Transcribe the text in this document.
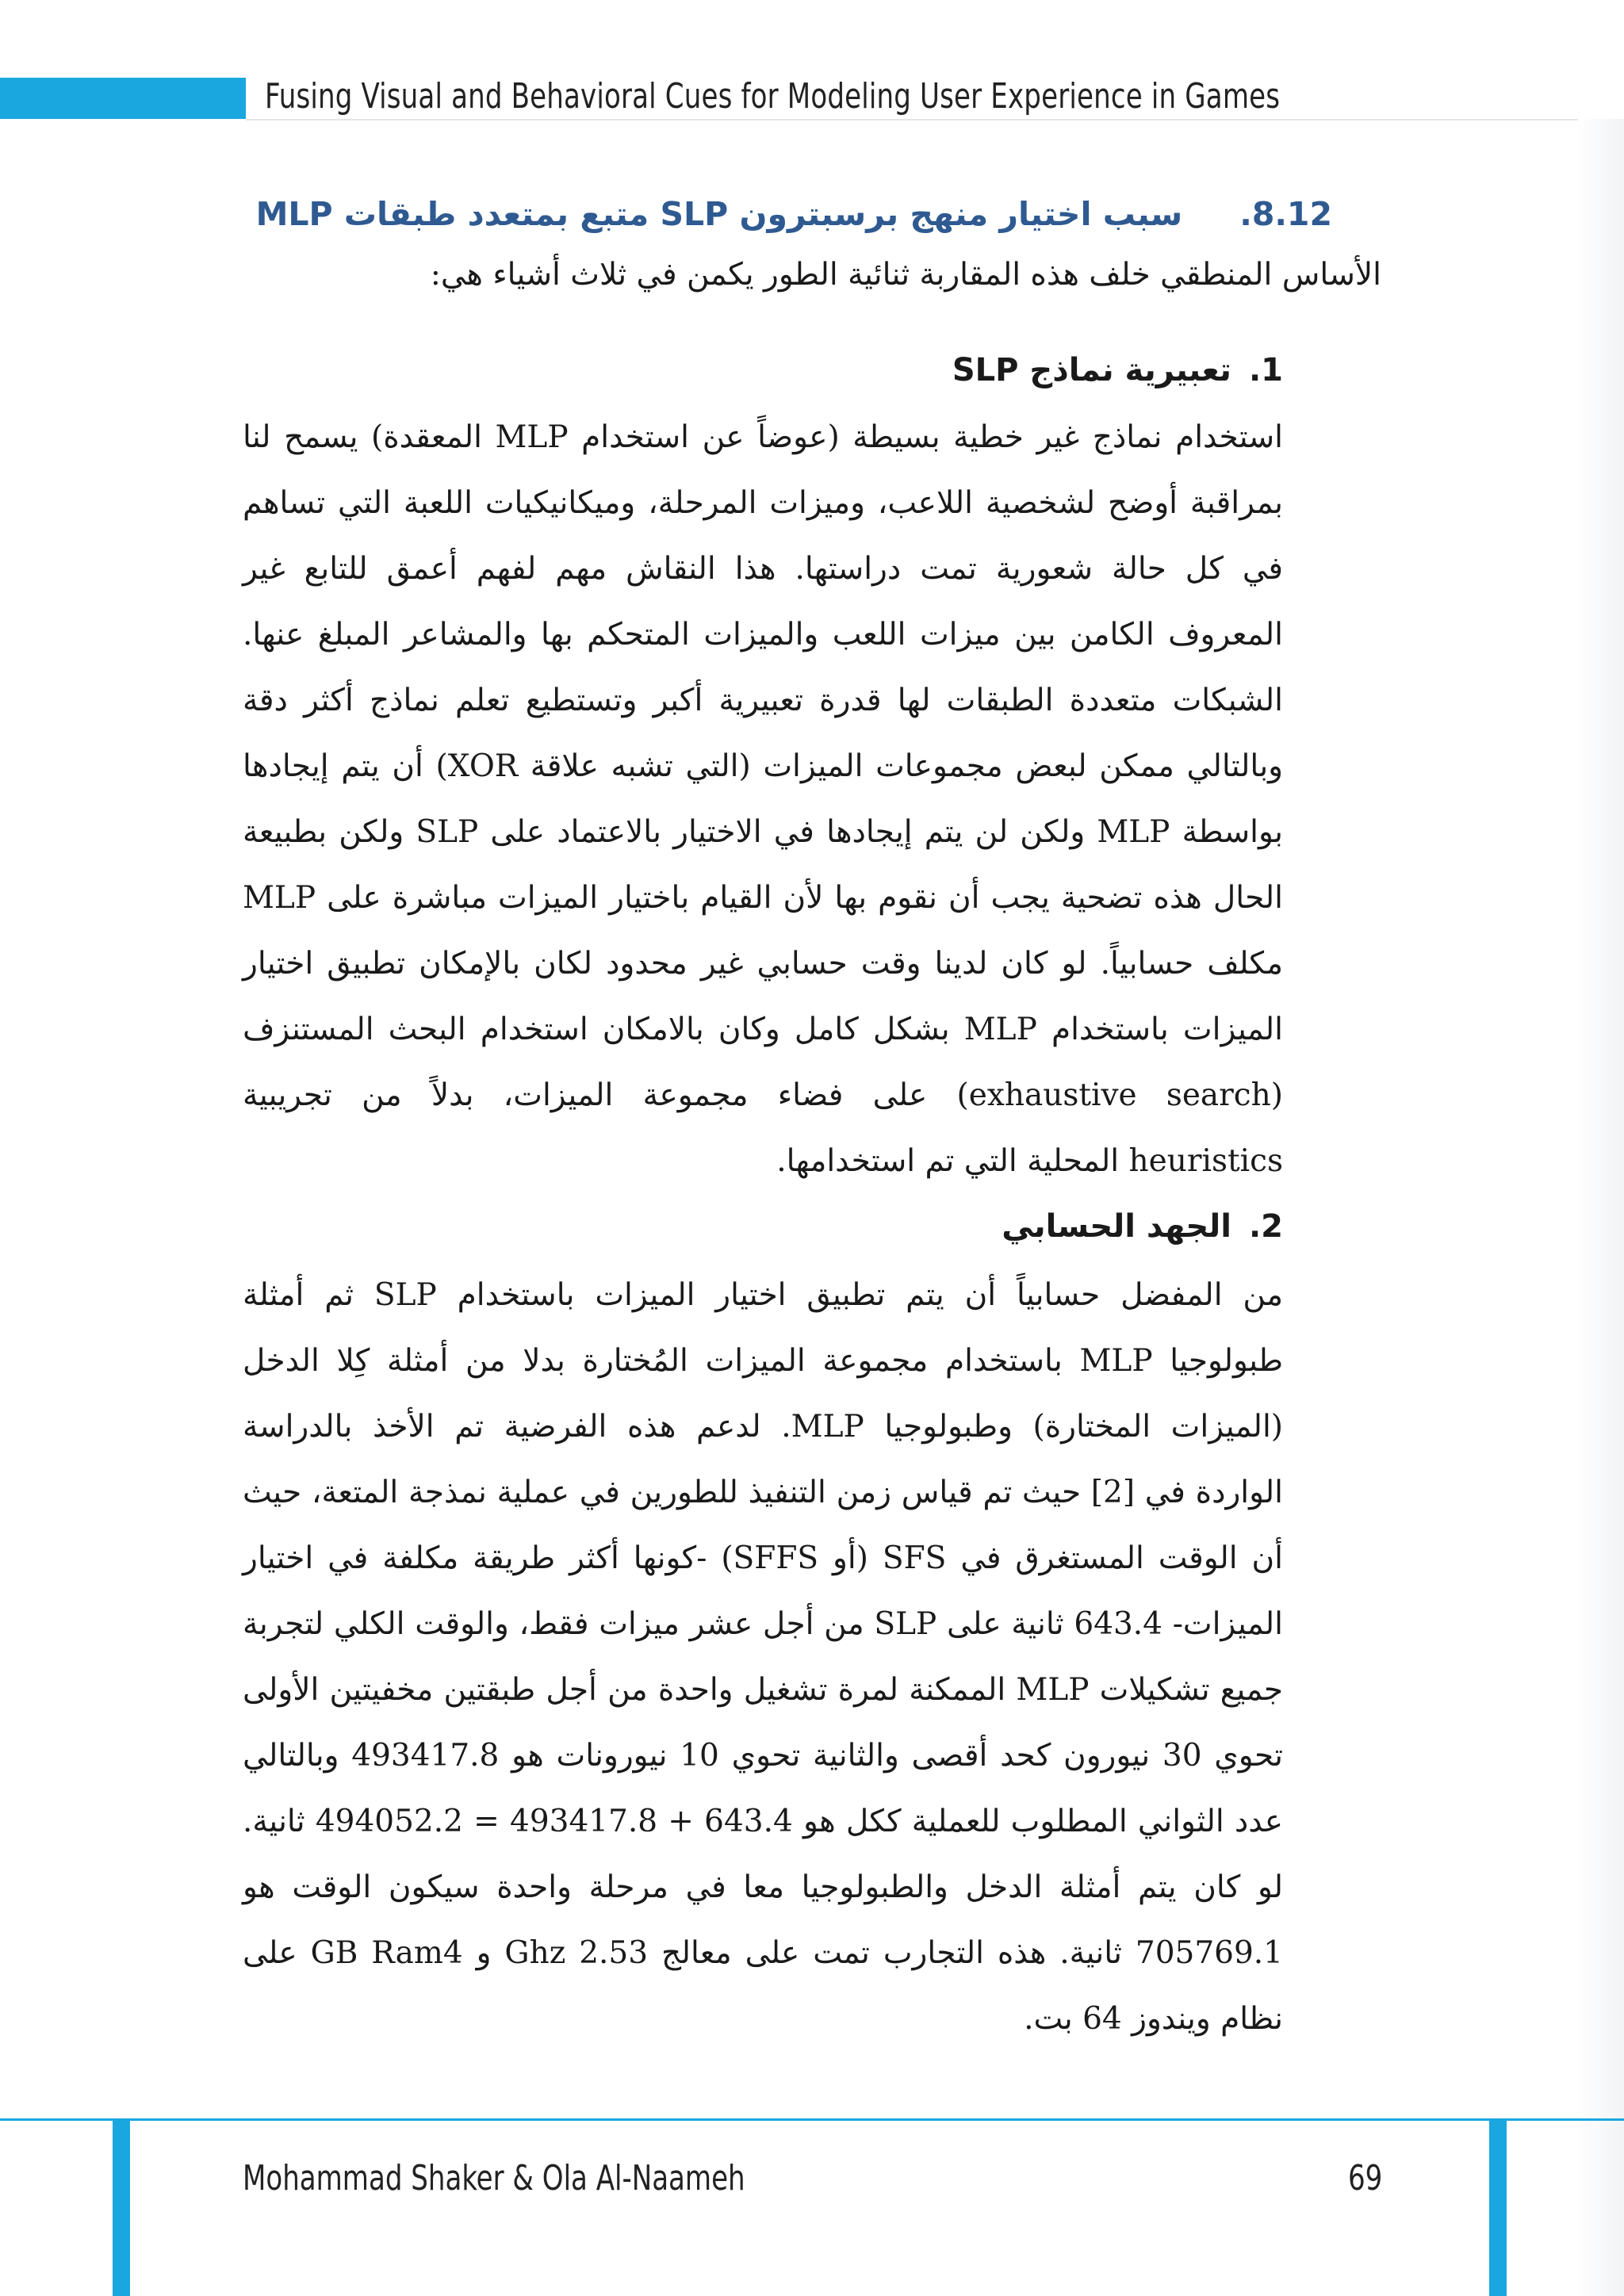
Fusing Visual and Behavioral Cues for Modeling User Experience in Games
8.12.سبب اختيار منهج برسبترون SLP متبع بمتعدد طبقات MLP
الأساس المنطقي خلف هذه المقاربة ثنائية الطور يكمن في ثلاث أشياء هي:
1.تعبيرية نماذج SLP
استخدام نماذج غير خطية بسيطة (عوضاً عن استخدام MLP المعقدة) يسمح لنا بمراقبة أوضح لشخصية اللاعب، وميزات المرحلة، وميكانيكيات اللعبة التي تساهم في كل حالة شعورية تمت دراستها. هذا النقاش مهم لفهم أعمق للتابع غير المعروف الكامن بين ميزات اللعب والميزات المتحكم بها والمشاعر المبلغ عنها. الشبكات متعددة الطبقات لها قدرة تعبيرية أكبر وتستطيع تعلم نماذج أكثر دقة وبالتالي ممكن لبعض مجموعات الميزات (التي تشبه علاقة XOR) أن يتم إيجادها بواسطة MLP ولكن لن يتم إيجادها في الاختيار بالاعتماد على SLP ولكن بطبيعة الحال هذه تضحية يجب أن نقوم بها لأن القيام باختيار الميزات مباشرة على MLP مكلف حسابياً. لو كان لدينا وقت حسابي غير محدود لكان بالإمكان تطبيق اختيار الميزات باستخدام MLP بشكل كامل وكان بالامكان استخدام البحث المستنزف (exhaustive search) على فضاء مجموعة الميزات، بدلاً من تجريبية heuristics المحلية التي تم استخدامها.
2.الجهد الحسابي
من المفضل حسابياً أن يتم تطبيق اختيار الميزات باستخدام SLP ثم أمثلة طبولوجيا MLP باستخدام مجموعة الميزات المُختارة بدلا من أمثلة كِلا الدخل (الميزات المختارة) وطبولوجيا MLP. لدعم هذه الفرضية تم الأخذ بالدراسة الواردة في [2] حيث تم قياس زمن التنفيذ للطورين في عملية نمذجة المتعة، حيث أن الوقت المستغرق في SFS (أو SFFS) -كونها أكثر طريقة مكلفة في اختيار الميزات- 643.4 ثانية على SLP من أجل عشر ميزات فقط، والوقت الكلي لتجربة جميع تشكيلات MLP الممكنة لمرة تشغيل واحدة من أجل طبقتين مخفيتين الأولى تحوي 30 نيورون كحد أقصى والثانية تحوي 10 نيورونات هو 493417.8 وبالتالي عدد الثواني المطلوب للعملية ككل هو 643.4 + 493417.8 = 494052.2 ثانية. لو كان يتم أمثلة الدخل والطبولوجيا معا في مرحلة واحدة سيكون الوقت هو 705769.1 ثانية. هذه التجارب تمت على معالج 2.53 Ghz و GB Ram4 على نظام ويندوز 64 بت.
Mohammad Shaker & Ola Al-Naameh	69
